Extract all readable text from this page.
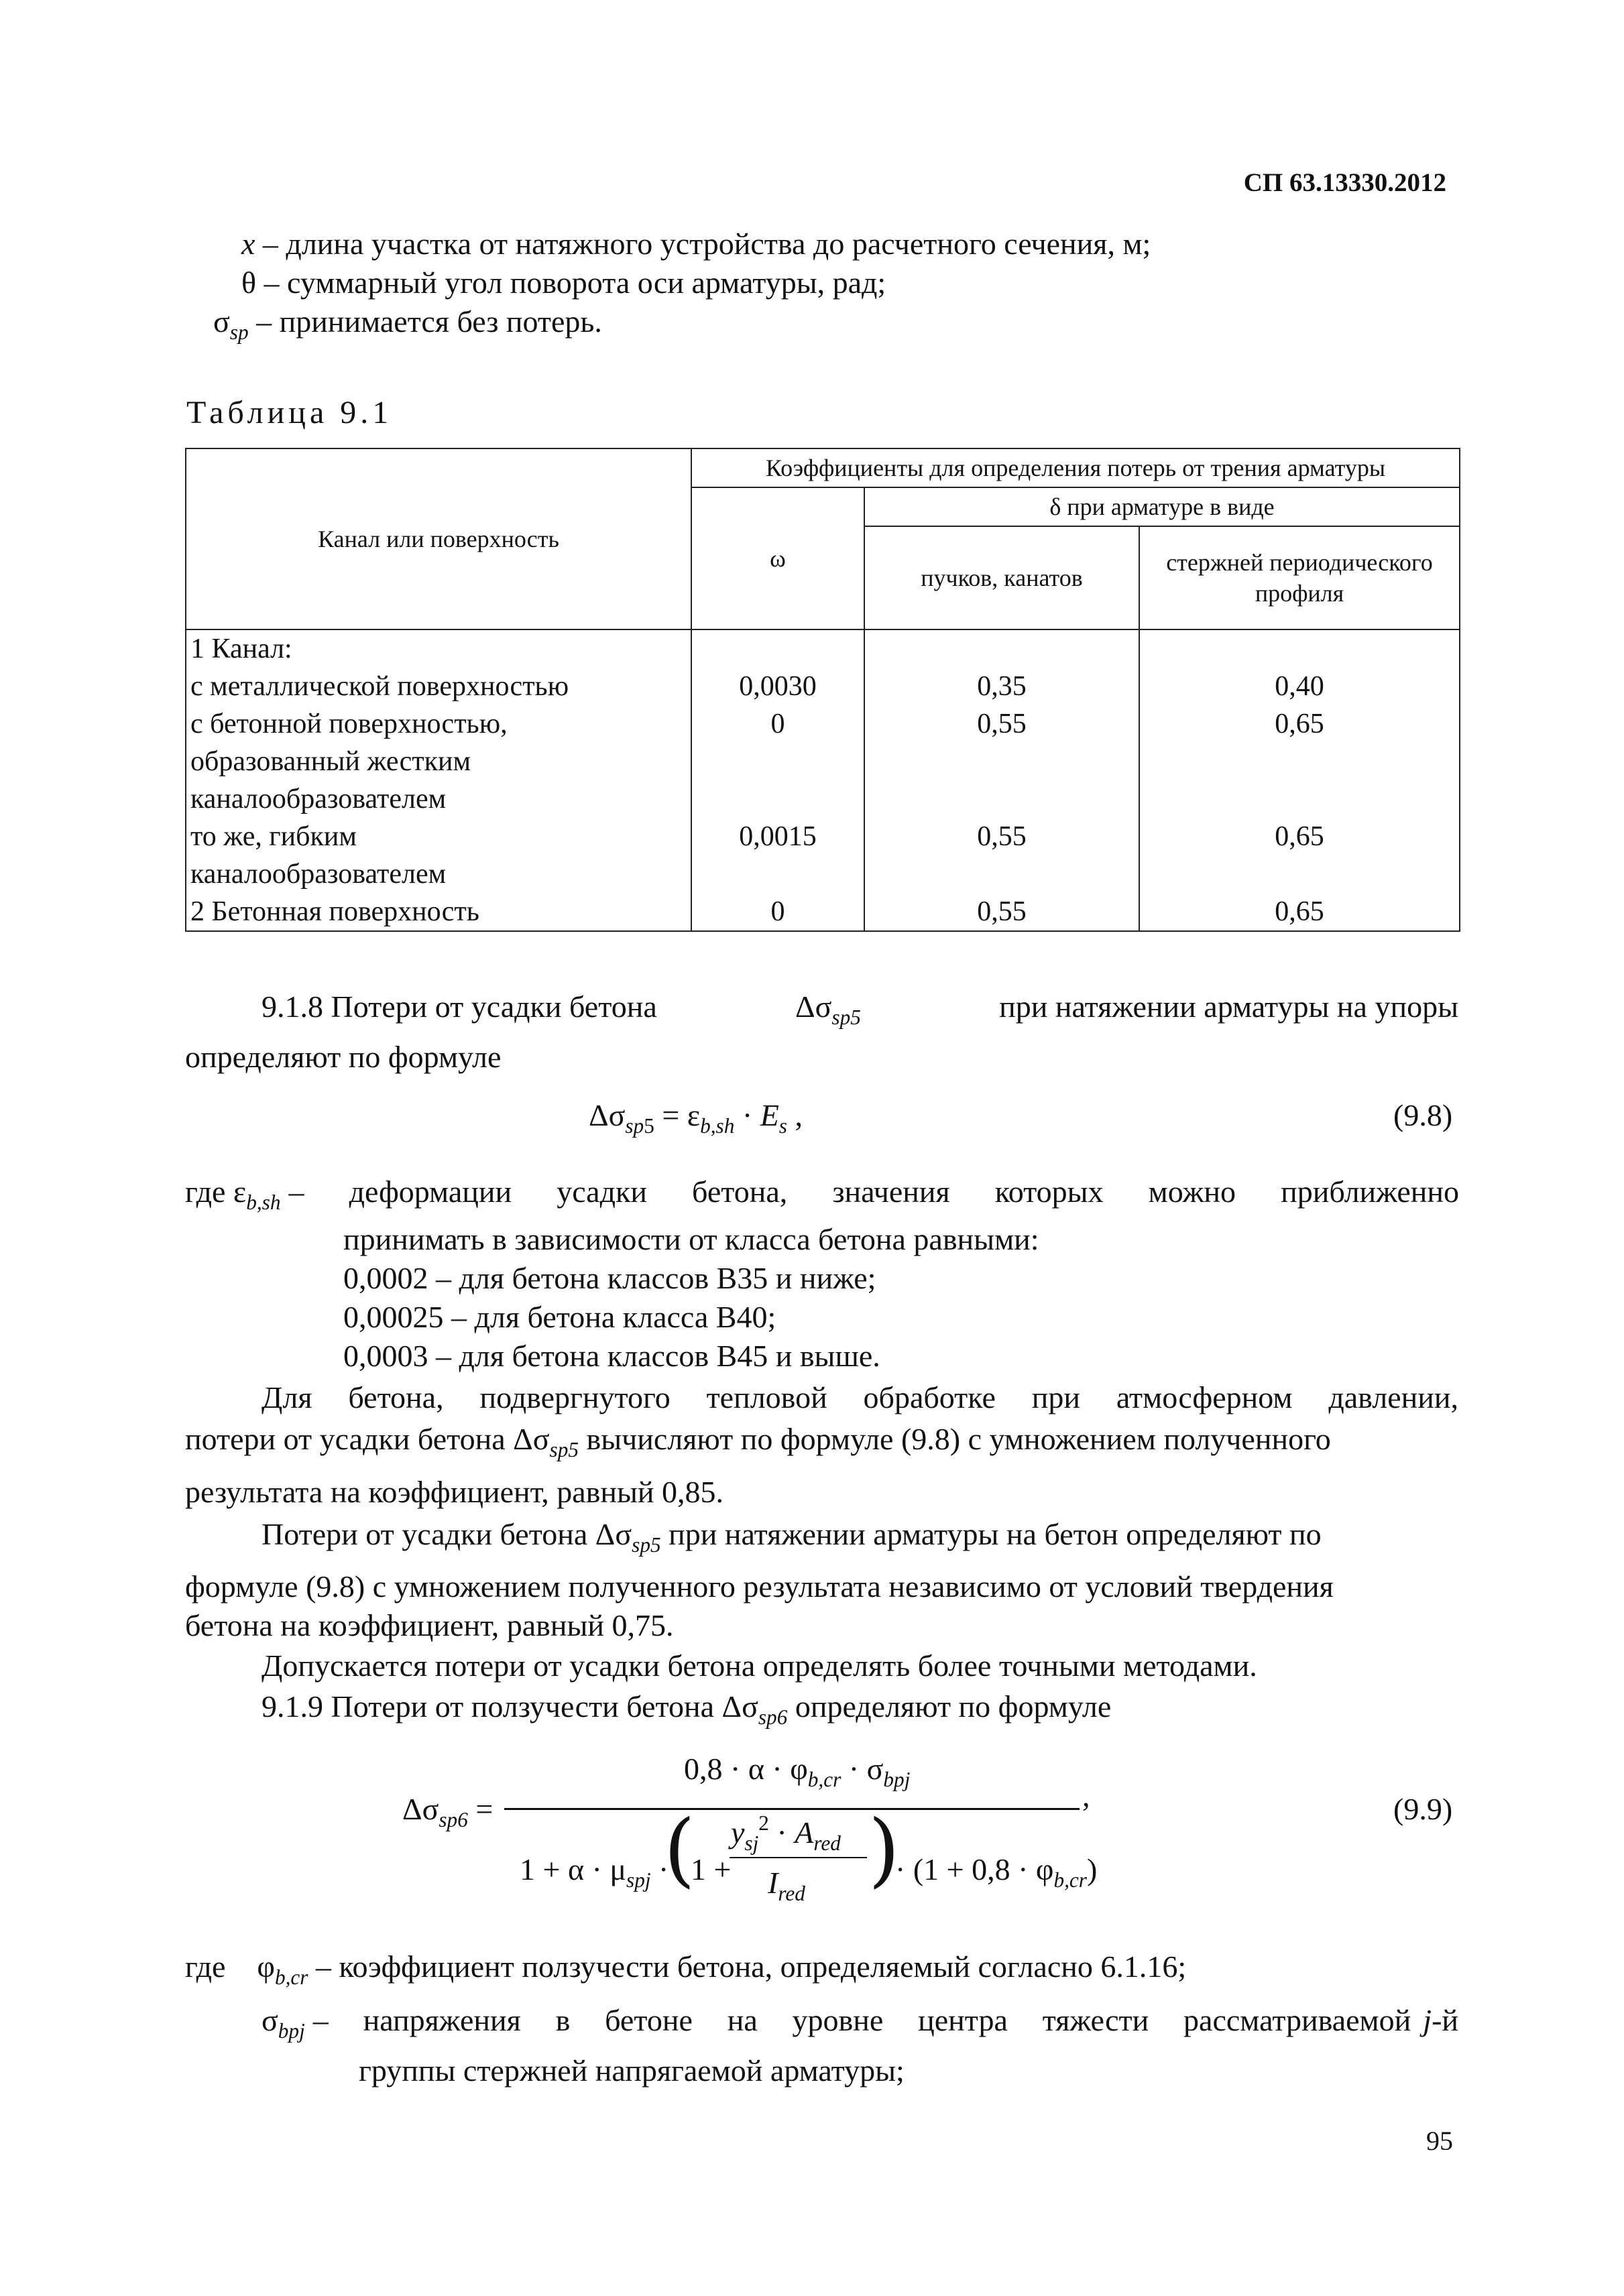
СП 63.13330.2012
x – длина участка от натяжного устройства до расчетного сечения, м;
θ – суммарный угол поворота оси арматуры, рад;
$\sigma_{sp}$ – принимается без потерь.
Таблица 9.1
Канал или поверхность	Коэффициенты для определения потерь от трения арматуры		
	ω	δ при арматуре в виде	
		пучков, канатов	стержней периодического профиля
1 Канал:			
с металлической поверхностью	0,0030	0,35	0,40
с бетонной поверхностью, образованный жестким каналообразователем	0	0,55	0,65
то же, гибким каналообразователем	0,0015	0,55	0,65
2 Бетонная поверхность	0	0,55	0,65
9.1.8 Потери от усадки бетона	$\Delta\sigma_{sp5}$	при натяжении арматуры на упоры
определяют по формуле
$\Delta\sigma_{sp5} = \varepsilon_{b,sh} \cdot E_s$ ,	(9.8)
где $\varepsilon_{b,sh}$ – деформации усадки бетона, значения которых можно приближенно
принимать в зависимости от класса бетона равными:
0,0002 – для бетона классов В35 и ниже;
0,00025 – для бетона класса В40;
0,0003 – для бетона классов В45 и выше.
Для бетона, подвергнутого тепловой обработке при атмосферном давлении,
потери от усадки бетона $\Delta\sigma_{sp5}$ вычисляют по формуле (9.8) с умножением полученного
результата на коэффициент, равный 0,85.
Потери от усадки бетона $\Delta\sigma_{sp5}$ при натяжении арматуры на бетон определяют по
формуле (9.8) с умножением полученного результата независимо от условий твердения
бетона на коэффициент, равный 0,75.
Допускается потери от усадки бетона определять более точными методами.
9.1.9 Потери от ползучести бетона $\Delta\sigma_{sp6}$ определяют по формуле
$\Delta\sigma_{sp6}$ =
$0,8 \cdot \alpha \cdot \varphi_{b,cr} \cdot \sigma_{bpj}$	,
$1 + \alpha \cdot \mu_{spj}$ ·
(
1 +
$y_{sj}^2 \cdot A_{red}$
$I_{red}$ )
· $(1 + 0,8 \cdot \varphi_{b,cr})$
(9.9)
где  $\varphi_{b,cr}$ – коэффициент ползучести бетона, определяемый согласно 6.1.16;
$\sigma_{bpj}$ – напряжения в бетоне на уровне центра тяжести рассматриваемой j-й
группы стержней напрягаемой арматуры;
95
